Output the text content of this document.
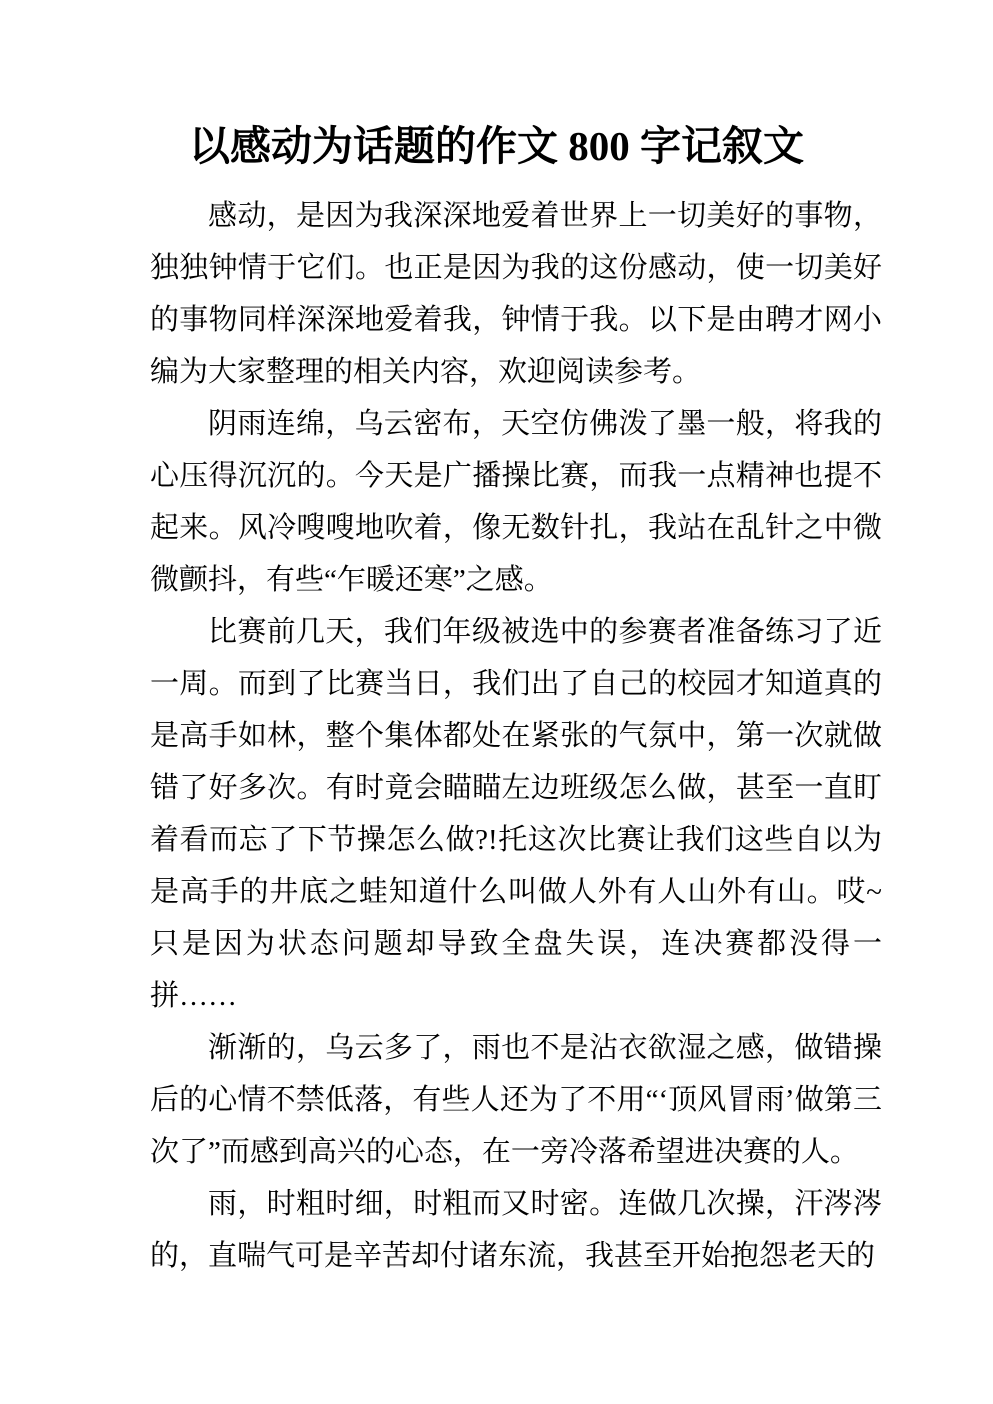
以感动为话题的作文 800 字记叙文

感动，是因为我深深地爱着世界上一切美好的事物，独独钟情于它们。也正是因为我的这份感动，使一切美好的事物同样深深地爱着我，钟情于我。以下是由聘才网小编为大家整理的相关内容，欢迎阅读参考。

阴雨连绵，乌云密布，天空仿佛泼了墨一般，将我的心压得沉沉的。今天是广播操比赛，而我一点精神也提不起来。风冷嗖嗖地吹着，像无数针扎，我站在乱针之中微微颤抖，有些“乍暖还寒”之感。

比赛前几天，我们年级被选中的参赛者准备练习了近一周。而到了比赛当日，我们出了自己的校园才知道真的是高手如林，整个集体都处在紧张的气氛中，第一次就做错了好多次。有时竟会瞄瞄左边班级怎么做，甚至一直盯着看而忘了下节操怎么做?!托这次比赛让我们这些自以为是高手的井底之蛙知道什么叫做人外有人山外有山。哎~只是因为状态问题却导致全盘失误，连决赛都没得一拼……

渐渐的，乌云多了，雨也不是沾衣欲湿之感，做错操后的心情不禁低落，有些人还为了不用“‘顶风冒雨’做第三次了”而感到高兴的心态，在一旁冷落希望进决赛的人。

雨，时粗时细，时粗而又时密。连做几次操，汗涔涔的，直喘气可是辛苦却付诸东流，我甚至开始抱怨老天的
